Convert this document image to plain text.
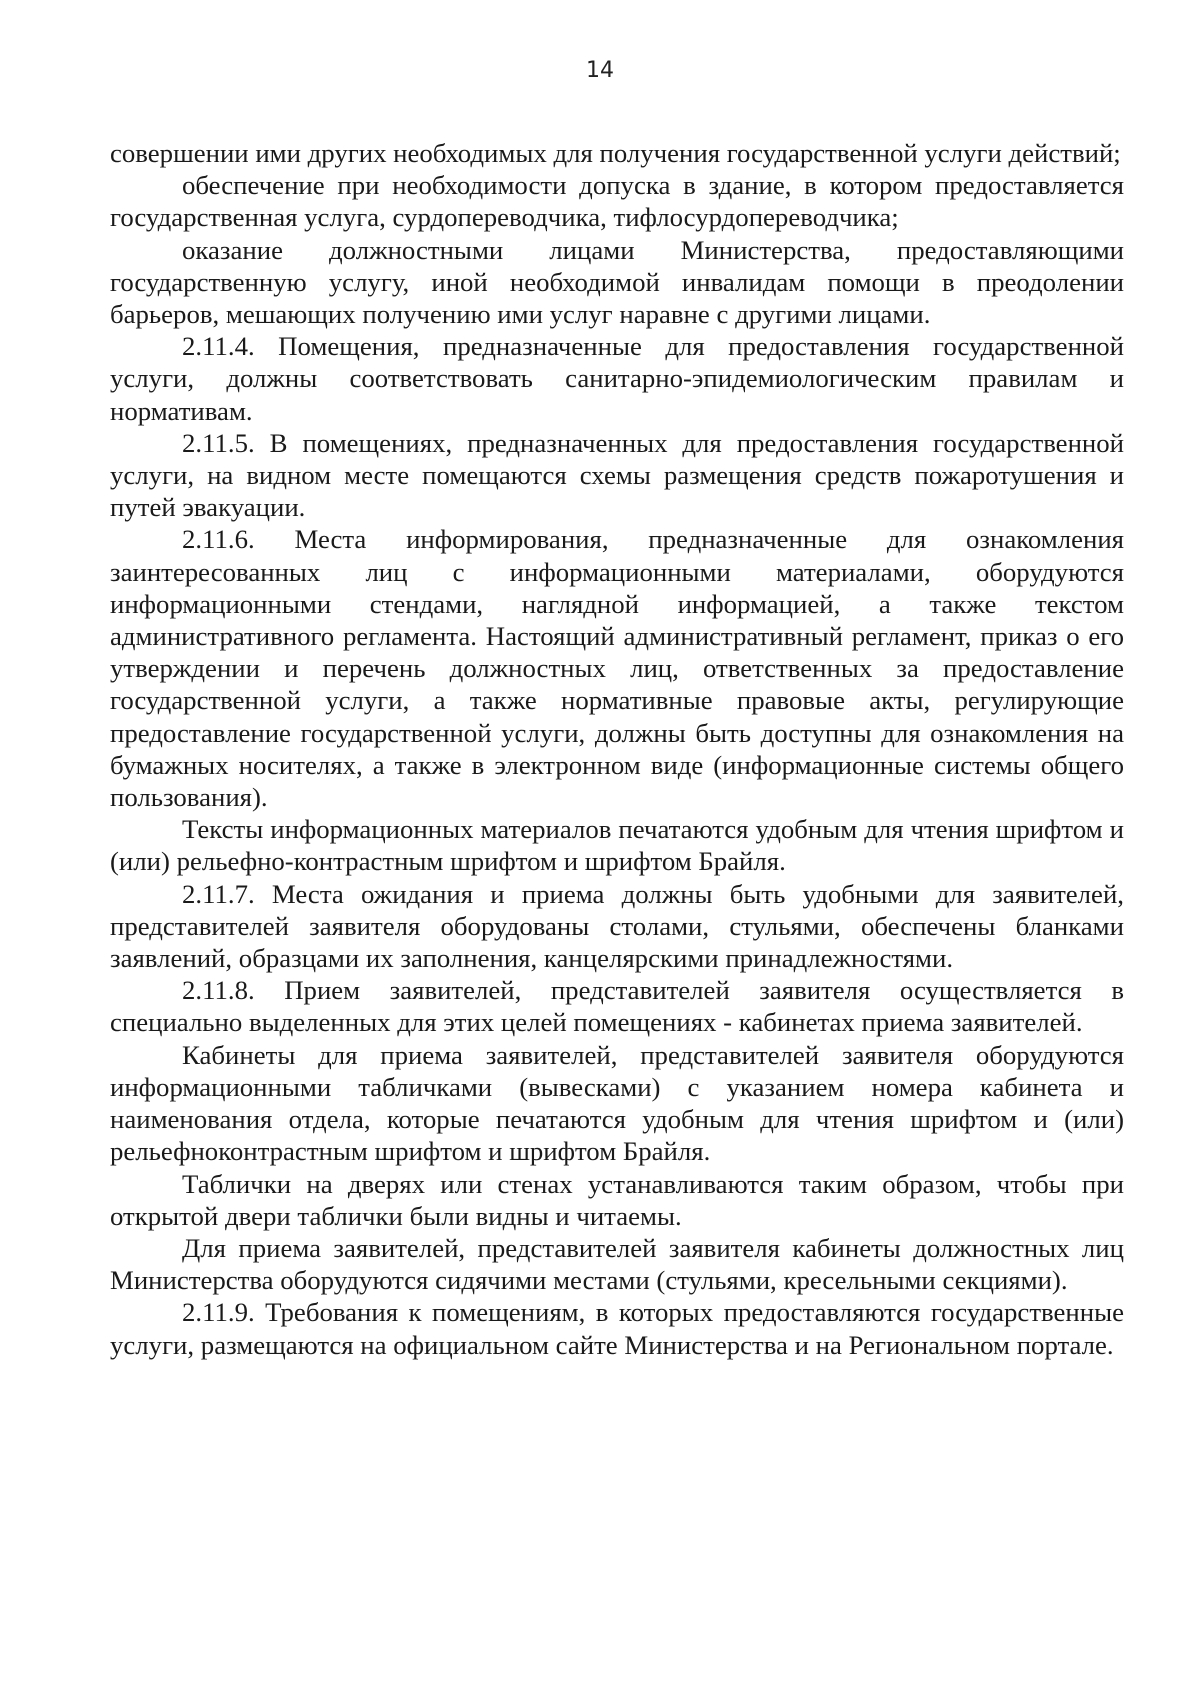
14

совершении ими других необходимых для получения государственной услуги действий;

обеспечение при необходимости допуска в здание, в котором предоставляется государственная услуга, сурдопереводчика, тифлосурдопереводчика;

оказание должностными лицами Министерства, предоставляющими государственную услугу, иной необходимой инвалидам помощи в преодолении барьеров, мешающих получению ими услуг наравне с другими лицами.

2.11.4. Помещения, предназначенные для предоставления государственной услуги, должны соответствовать санитарно-эпидемиологическим правилам и нормативам.

2.11.5. В помещениях, предназначенных для предоставления государственной услуги, на видном месте помещаются схемы размещения средств пожаротушения и путей эвакуации.

2.11.6. Места информирования, предназначенные для ознакомления заинтересованных лиц с информационными материалами, оборудуются информационными стендами, наглядной информацией, а также текстом административного регламента. Настоящий административный регламент, приказ о его утверждении и перечень должностных лиц, ответственных за предоставление государственной услуги, а также нормативные правовые акты, регулирующие предоставление государственной услуги, должны быть доступны для ознакомления на бумажных носителях, а также в электронном виде (информационные системы общего пользования).

Тексты информационных материалов печатаются удобным для чтения шрифтом и (или) рельефно-контрастным шрифтом и шрифтом Брайля.

2.11.7. Места ожидания и приема должны быть удобными для заявителей, представителей заявителя оборудованы столами, стульями, обеспечены бланками заявлений, образцами их заполнения, канцелярскими принадлежностями.

2.11.8. Прием заявителей, представителей заявителя осуществляется в специально выделенных для этих целей помещениях - кабинетах приема заявителей.

Кабинеты для приема заявителей, представителей заявителя оборудуются информационными табличками (вывесками) с указанием номера кабинета и наименования отдела, которые печатаются удобным для чтения шрифтом и (или) рельефноконтрастным шрифтом и шрифтом Брайля.

Таблички на дверях или стенах устанавливаются таким образом, чтобы при открытой двери таблички были видны и читаемы.

Для приема заявителей, представителей заявителя кабинеты должностных лиц Министерства оборудуются сидячими местами (стульями, кресельными секциями).

2.11.9. Требования к помещениям, в которых предоставляются государственные услуги, размещаются на официальном сайте Министерства и на Региональном портале.
